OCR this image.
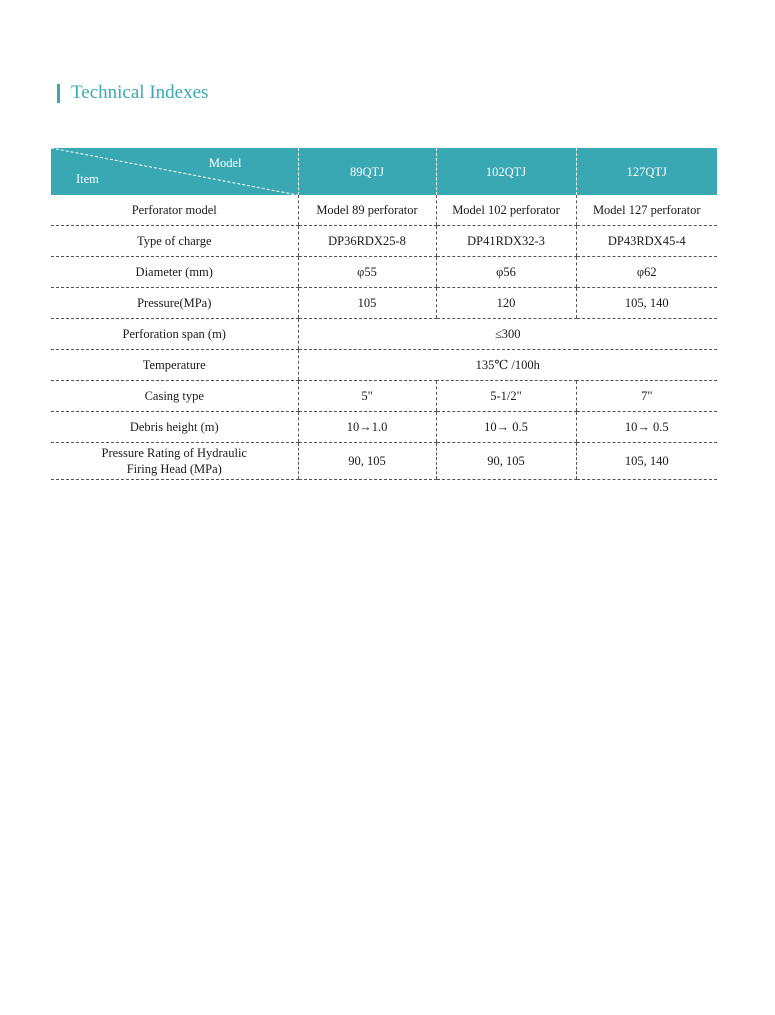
Technical Indexes
Model
Item	89QTJ	102QTJ	127QTJ
Perforator model	Model 89 perforator	Model 102 perforator	Model 127 perforator
Type of charge	DP36RDX25-8	DP41RDX32-3	DP43RDX45-4
Diameter (mm)	φ55	φ56	φ62
Pressure(MPa)	105	120	105, 140
Perforation span (m)	≤300		
Temperature	135℃ /100h		
Casing type	5"	5-1/2"	7"
Debris height (m)	10→1.0	10→ 0.5	10→ 0.5

Pressure Rating of Hydraulic
Firing Head (MPa)	90, 105	90, 105	105, 140
